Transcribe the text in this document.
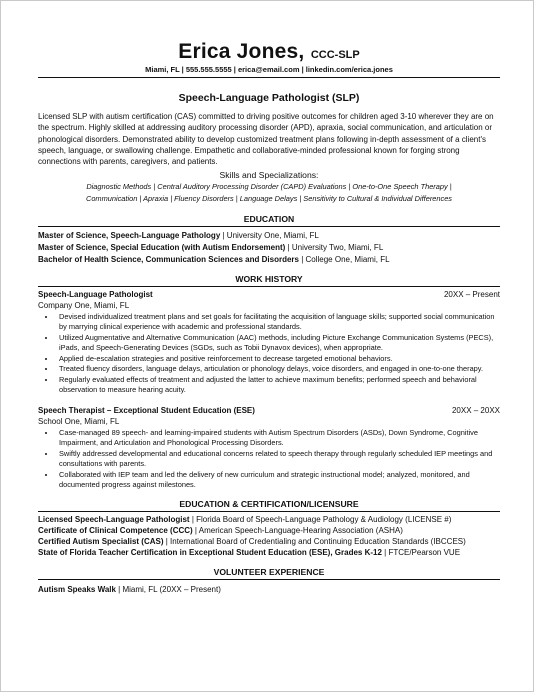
Erica Jones, CCC-SLP
Miami, FL | 555.555.5555 | erica@email.com | linkedin.com/erica.jones
Speech-Language Pathologist (SLP)
Licensed SLP with autism certification (CAS) committed to driving positive outcomes for children aged 3-10 wherever they are on the spectrum. Highly skilled at addressing auditory processing disorder (APD), apraxia, social communication, and articulation or phonological disorders. Demonstrated ability to develop customized treatment plans following in-depth assessment of a client's speech, language, or swallowing challenge. Empathetic and collaborative-minded professional known for forging strong connections with parents, caregivers, and patients.
Skills and Specializations:
Diagnostic Methods | Central Auditory Processing Disorder (CAPD) Evaluations | One-to-One Speech Therapy |
Communication | Apraxia | Fluency Disorders | Language Delays | Sensitivity to Cultural & Individual Differences
EDUCATION
Master of Science, Speech-Language Pathology | University One, Miami, FL
Master of Science, Special Education (with Autism Endorsement) | University Two, Miami, FL
Bachelor of Health Science, Communication Sciences and Disorders | College One, Miami, FL
WORK HISTORY
Speech-Language Pathologist	20XX – Present
Company One, Miami, FL
• Devised individualized treatment plans and set goals for facilitating the acquisition of language skills; supported social communication by marrying clinical experience with academic and professional standards.
• Utilized Augmentative and Alternative Communication (AAC) methods, including Picture Exchange Communication Systems (PECS), iPads, and Speech-Generating Devices (SGDs, such as Tobii Dynavox devices), when appropriate.
• Applied de-escalation strategies and positive reinforcement to decrease targeted emotional behaviors.
• Treated fluency disorders, language delays, articulation or phonology delays, voice disorders, and engaged in one-to-one therapy.
• Regularly evaluated effects of treatment and adjusted the latter to achieve maximum benefits; performed speech and behavioral observation to measure hearing acuity.
Speech Therapist – Exceptional Student Education (ESE)	20XX – 20XX
School One, Miami, FL
• Case-managed 89 speech- and learning-impaired students with Autism Spectrum Disorders (ASDs), Down Syndrome, Cognitive Impairment, and Articulation and Phonological Processing Disorders.
• Swiftly addressed developmental and educational concerns related to speech therapy through regularly scheduled IEP meetings and consultations with parents.
• Collaborated with IEP team and led the delivery of new curriculum and strategic instructional model; analyzed, monitored, and documented progress against milestones.
EDUCATION & CERTIFICATION/LICENSURE
Licensed Speech-Language Pathologist | Florida Board of Speech-Language Pathology & Audiology (LICENSE #)
Certificate of Clinical Competence (CCC) | American Speech-Language-Hearing Association (ASHA)
Certified Autism Specialist (CAS) | International Board of Credentialing and Continuing Education Standards (IBCCES)
State of Florida Teacher Certification in Exceptional Student Education (ESE), Grades K-12 | FTCE/Pearson VUE
VOLUNTEER EXPERIENCE
Autism Speaks Walk | Miami, FL (20XX – Present)
